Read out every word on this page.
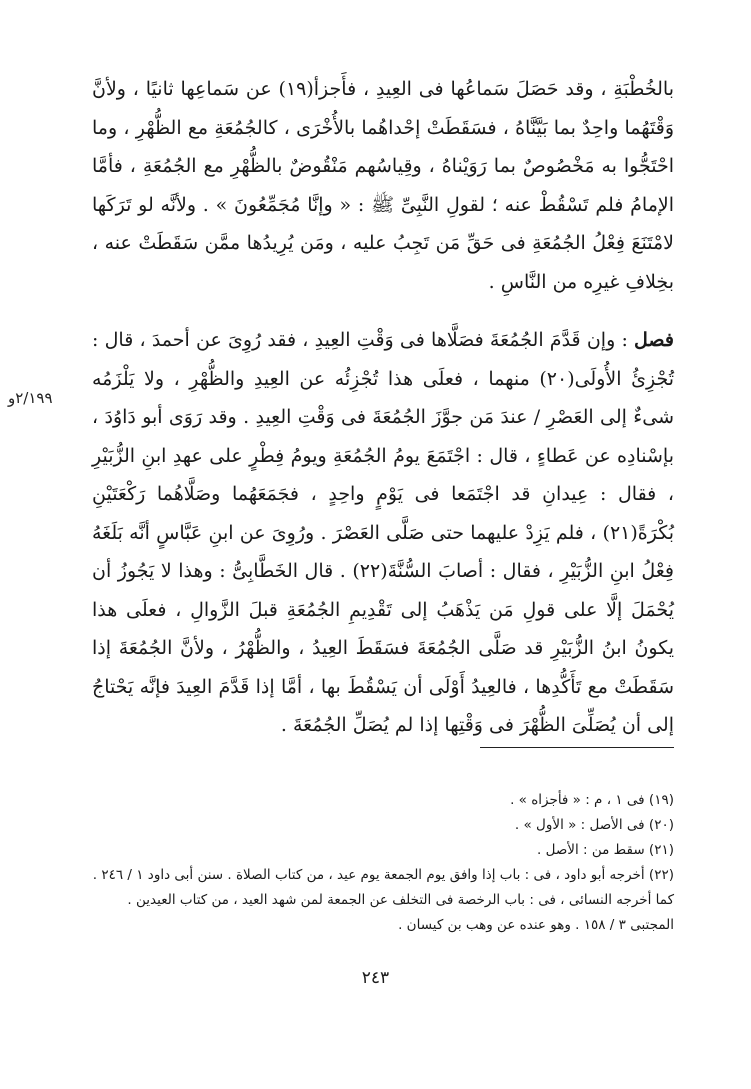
بالخُطْبَةِ ، وقد حَصَلَ سَماعُها فى العِيدِ ، فأَجزأ(١٩) عن سَماعِها ثانيًا ، ولأنَّ وَقْتَهُما واحِدٌ بما بَيَّنَّاهُ ، فسَقَطَتْ إحْداهُما بالأُخْرَى ، كالجُمُعَةِ مع الظُّهْرِ ، وما احْتَجُّوا به مَخْصُوصٌ بما رَوَيْناهُ ، وقِياسُهم مَنْقُوضٌ بالظُّهْرِ مع الجُمُعَةِ ، فأمَّا الإمامُ فلم تَسْقُطْ عنه ؛ لقولِ النَّبِىِّ ﷺ : « وإنَّا مُجَمِّعُونَ » . ولأنَّه لو تَرَكَها لامْتَنَعَ فِعْلُ الجُمُعَةِ فى حَقِّ مَن تَجِبُ عليه ، ومَن يُرِيدُها ممَّن سَقَطَتْ عنه ، بخِلافِ غيرِه من النَّاسِ .

فصل : وإن قَدَّمَ الجُمُعَةَ فصَلَّاها فى وَقْتِ العِيدِ ، فقد رُوِىَ عن أحمدَ ، قال : تُجْزِئُ الأُولَى(٢٠) منهما ، فعلَى هذا تُجْزِئُه عن العِيدِ والظُّهْرِ ، ولا يَلْزَمُه شىءٌ إلى العَصْرِ / عندَ مَن جوَّزَ الجُمُعَةَ فى وَقْتِ العِيدِ . وقد رَوَى أبو دَاوُدَ ، بإسْنادِه عن عَطاءٍ ، قال : اجْتَمَعَ يومُ الجُمُعَةِ ويومُ فِطْرٍ على عهدِ ابنِ الزُّبَيْرِ ، فقال : عِيدانِ قد اجْتَمَعا فى يَوْمٍ واحِدٍ ، فجَمَعَهُما وصَلَّاهُما رَكْعَتَيْنِ بُكْرَةً(٢١) ، فلم يَزِدْ عليهما حتى صَلَّى العَصْرَ . ورُوِىَ عن ابنِ عَبَّاسٍ أنَّه بَلَغَهُ فِعْلُ ابنِ الزُّبَيْرِ ، فقال : أصابَ السُّنَّةَ(٢٢) . قال الخَطَّابِىُّ : وهذا لا يَجُوزُ أن يُحْمَلَ إلَّا على قولِ مَن يَذْهَبُ إلى تَقْدِيمِ الجُمُعَةِ قبلَ الزَّوالِ ، فعلَى هذا يكونُ ابنُ الزُّبَيْرِ قد صَلَّى الجُمُعَةَ فسَقَطَ العِيدُ ، والظُّهْرُ ، ولأنَّ الجُمُعَةَ إذا سَقَطَتْ مع تَأَكُّدِها ، فالعِيدُ أَوْلَى أن يَسْقُطَ بها ، أمَّا إذا قَدَّمَ العِيدَ فإنَّه يَحْتاجُ إلى أن يُصَلِّىَ الظُّهْرَ فى وَقْتِها إذا لم يُصَلِّ الجُمُعَةَ .

٢/١٩٩و
(١٩) فى ١ ، م : « فأجزاه » .
(٢٠) فى الأصل : « الأول » .
(٢١) سقط من : الأصل .
(٢٢) أخرجه أبو داود ، فى : باب إذا وافق يوم الجمعة يوم عيد ، من كتاب الصلاة . سنن أبى داود ١ / ٢٤٦ . كما أخرجه النسائى ، فى : باب الرخصة فى التخلف عن الجمعة لمن شهد العيد ، من كتاب العيدين . المجتبى ٣ / ١٥٨ . وهو عنده عن وهب بن كيسان .
٢٤٣
